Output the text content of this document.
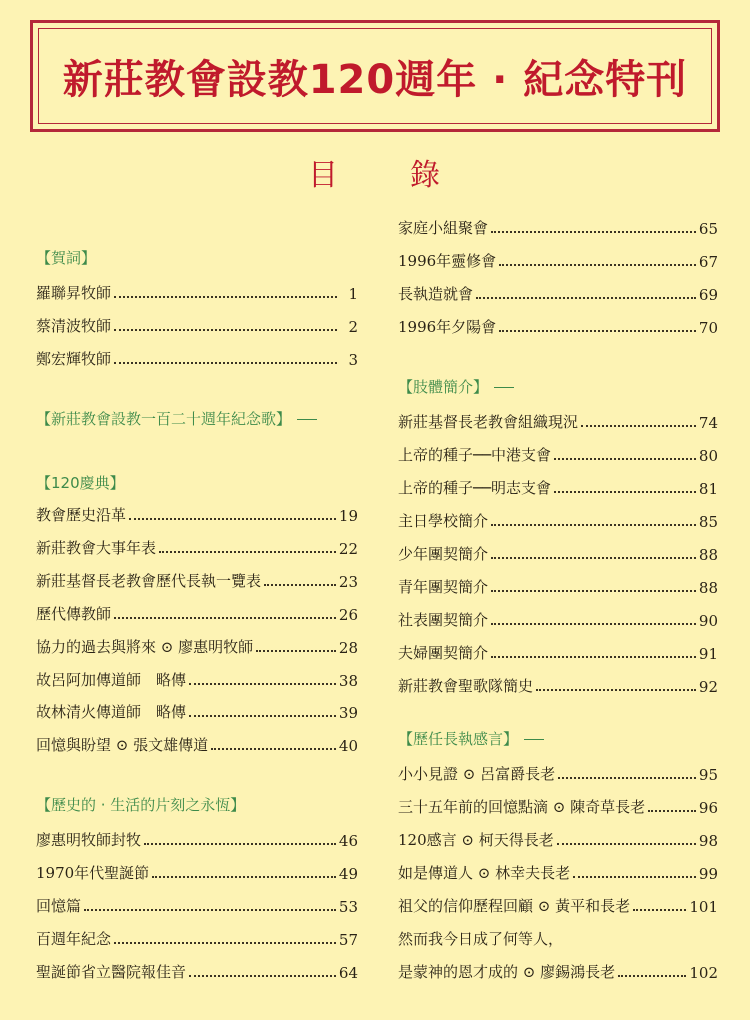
新莊教會設教120週年 · 紀念特刊
目 錄
【賀詞】
羅聯昇牧師	1
蔡清波牧師	2
鄭宏輝牧師	3
【新莊教會設教一百二十週年紀念歌】
【120慶典】
教會歷史沿革	19
新莊教會大事年表	22
新莊基督長老教會歷代長執一覽表	23
歷代傳教師	26
協力的過去與將來 ⊙ 廖惠明牧師	28
故呂阿加傳道師　略傳	38
故林清火傳道師　略傳	39
回憶與盼望 ⊙ 張文雄傳道	40
【歷史的 · 生活的片刻之永恆】
廖惠明牧師封牧	46
1970年代聖誕節	49
回憶篇	53
百週年紀念	57
聖誕節省立醫院報佳音	64
家庭小組聚會	65
1996年靈修會	67
長執造就會	69
1996年夕陽會	70
【肢體簡介】
新莊基督長老教會組織現況	74
上帝的種子──中港支會	80
上帝的種子──明志支會	81
主日學校簡介	85
少年團契簡介	88
青年團契簡介	88
社表團契簡介	90
夫婦團契簡介	91
新莊教會聖歌隊簡史	92
【歷任長執感言】
小小見證 ⊙ 呂富爵長老	95
三十五年前的回憶點滴 ⊙ 陳奇草長老	96
120感言 ⊙ 柯天得長老	98
如是傳道人 ⊙ 林幸夫長老	99
祖父的信仰歷程回顧 ⊙ 黃平和長老	101
然而我今日成了何等人，
是蒙神的恩才成的 ⊙ 廖錫鴻長老	102
